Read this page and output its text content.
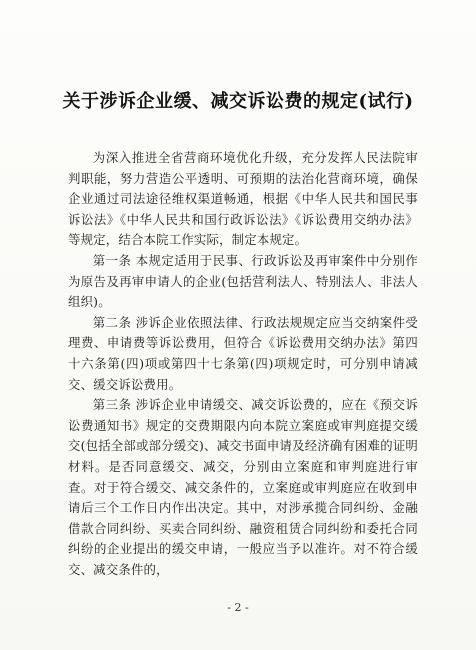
关于涉诉企业缓、减交诉讼费的规定(试行)

为深入推进全省营商环境优化升级，充分发挥人民法院审判职能，努力营造公平透明、可预期的法治化营商环境，确保企业通过司法途径维权渠道畅通，根据《中华人民共和国民事诉讼法》《中华人民共和国行政诉讼法》《诉讼费用交纳办法》等规定，结合本院工作实际，制定本规定。

第一条 本规定适用于民事、行政诉讼及再审案件中分别作为原告及再审申请人的企业(包括营利法人、特别法人、非法人组织)。

第二条 涉诉企业依照法律、行政法规规定应当交纳案件受理费、申请费等诉讼费用，但符合《诉讼费用交纳办法》第四十六条第(四)项或第四十七条第(四)项规定时，可分别申请减交、缓交诉讼费用。

第三条 涉诉企业申请缓交、减交诉讼费的，应在《预交诉讼费通知书》规定的交费期限内向本院立案庭或审判庭提交缓交(包括全部或部分缓交)、减交书面申请及经济确有困难的证明材料。是否同意缓交、减交，分别由立案庭和审判庭进行审查。对于符合缓交、减交条件的，立案庭或审判庭应在收到申请后三个工作日内作出决定。其中，对涉承揽合同纠纷、金融借款合同纠纷、买卖合同纠纷、融资租赁合同纠纷和委托合同纠纷的企业提出的缓交申请，一般应当予以准许。对不符合缓交、减交条件的，

- 2 -
